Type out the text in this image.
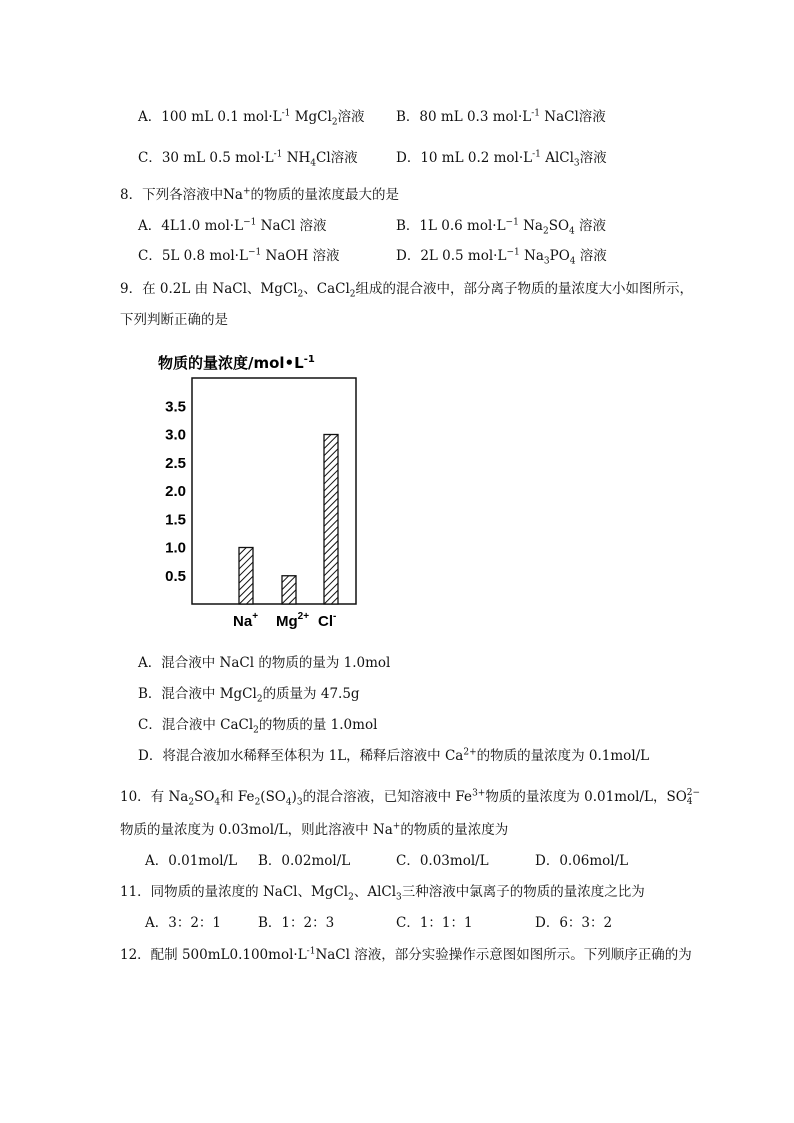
A．100 mL 0.1 $mol\cdot L^{-1}$ MgCl$_2$溶液 B．80 mL 0.3 $mol\cdot L^{-1}$ NaCl溶液
C．30 mL 0.5 $mol\cdot L^{-1}$ $NH_4Cl$溶液	D．10 mL 0.2 $mol\cdot L^{-1}$ AlCl$_3$溶液
8．下列各溶液中Na+的物质的量浓度最大的是
A．4L1.0 $mol\cdot L^{-1}$ NaCl 溶液	B．1L 0.6 $mol\cdot L^{-1}$ $Na_2SO_4$ 溶液
C．5L 0.8 $mol\cdot L^{-1}$ NaOH 溶液	D．2L 0.5 $mol\cdot L^{-1}$ $Na_3PO_4$ 溶液
9．在 0.2L 由 NaCl、MgCl$_2$、CaCl$_2$组成的混合液中，部分离子物质的量浓度大小如图所示，
下列判断正确的是
物质的量浓度$/mol•L^{-1}$
0.5
1.0
1.5
2.0
2.5
3.0
3.5
Na+ $Mg^{2+}$ Cl-
A．混合液中 NaCl 的物质的量为 1.0mol
B．混合液中 MgCl$_2$的质量为 47.5g
C．混合液中 CaCl$_2$的物质的量 1.0mol
D．将混合液加水稀释至体积为 1L，稀释后溶液中 $Ca^{2+}$的物质的量浓度为 0.1mol/L
10．有 $Na_2SO_4$和 $Fe_2(SO_4)_3$的混合溶液，已知溶液中 $Fe^{3+}$物质的量浓度为 0.01mol/L，SO 2−
4
物质的量浓度为 0.03mol/L，则此溶液中 Na+的物质的量浓度为
A．0.01mol/L B．0.02mol/L	C．0.03mol/L	D．0.06mol/L
11．同物质的量浓度的 NaCl、MgCl$_2$、AlCl$_3$三种溶液中氯离子的物质的量浓度之比为
A．3：2：1	B．1：2：3	C．1：1：1	D．6：3：2
12．配制 $500mL0.100mol\cdot L^{-1}NaCl$ 溶液，部分实验操作示意图如图所示。下列顺序正确的为
